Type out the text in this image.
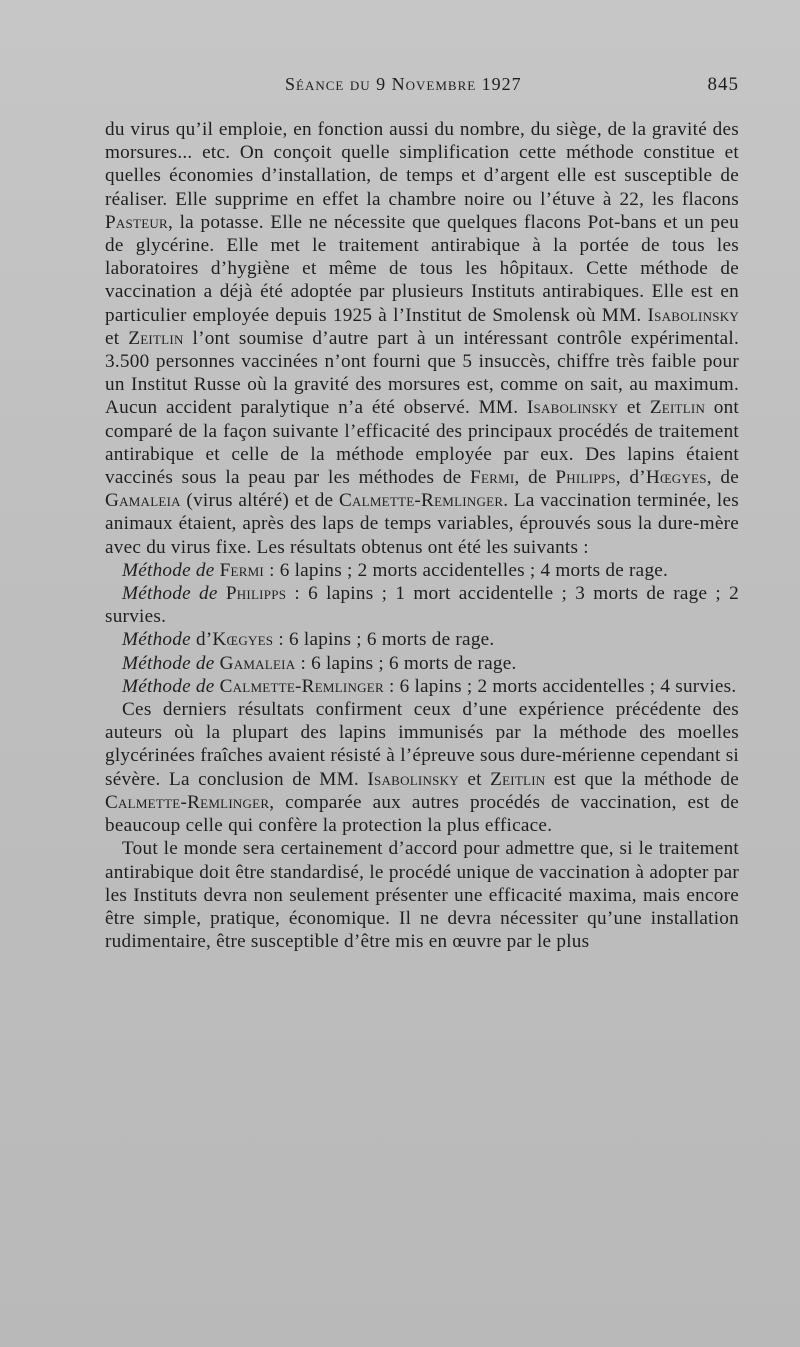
Séance du 9 Novembre 1927	845

du virus qu’il emploie, en fonction aussi du nombre, du siège, de la gravité des morsures... etc. On conçoit quelle simplification cette méthode constitue et quelles économies d’installation, de temps et d’argent elle est susceptible de réaliser. Elle supprime en effet la chambre noire ou l’étuve à 22, les flacons Pasteur, la potasse. Elle ne nécessite que quelques flacons Pot-bans et un peu de glycérine. Elle met le traitement antirabique à la portée de tous les laboratoires d’hygiène et même de tous les hôpitaux. Cette méthode de vaccination a déjà été adoptée par plusieurs Instituts antirabiques. Elle est en particulier employée depuis 1925 à l’Institut de Smolensk où MM. Isabolinsky et Zeitlin l’ont soumise d’autre part à un intéressant contrôle expérimental. 3.500 personnes vaccinées n’ont fourni que 5 insuccès, chiffre très faible pour un Institut Russe où la gravité des morsures est, comme on sait, au maximum. Aucun accident paralytique n’a été observé. MM. Isabolinsky et Zeitlin ont comparé de la façon suivante l’efficacité des principaux procédés de traitement antirabique et celle de la méthode employée par eux. Des lapins étaient vaccinés sous la peau par les méthodes de Fermi, de Philipps, d’Hœgyes, de Gamaleia (virus altéré) et de Calmette-Remlinger. La vaccination terminée, les animaux étaient, après des laps de temps variables, éprouvés sous la dure-mère avec du virus fixe. Les résultats obtenus ont été les suivants :

Méthode de Fermi : 6 lapins ; 2 morts accidentelles ; 4 morts de rage.

Méthode de Philipps : 6 lapins ; 1 mort accidentelle ; 3 morts de rage ; 2 survies.

Méthode d’Kœgyes : 6 lapins ; 6 morts de rage.

Méthode de Gamaleia : 6 lapins ; 6 morts de rage.

Méthode de Calmette-Remlinger : 6 lapins ; 2 morts accidentelles ; 4 survies.

Ces derniers résultats confirment ceux d’une expérience précédente des auteurs où la plupart des lapins immunisés par la méthode des moelles glycérinées fraîches avaient résisté à l’épreuve sous dure-mérienne cependant si sévère. La conclusion de MM. Isabolinsky et Zeitlin est que la méthode de Calmette-Remlinger, comparée aux autres procédés de vaccination, est de beaucoup celle qui confère la protection la plus efficace.

Tout le monde sera certainement d’accord pour admettre que, si le traitement antirabique doit être standardisé, le procédé unique de vaccination à adopter par les Instituts devra non seulement présenter une efficacité maxima, mais encore être simple, pratique, économique. Il ne devra nécessiter qu’une installation rudimentaire, être susceptible d’être mis en œuvre par le plus
